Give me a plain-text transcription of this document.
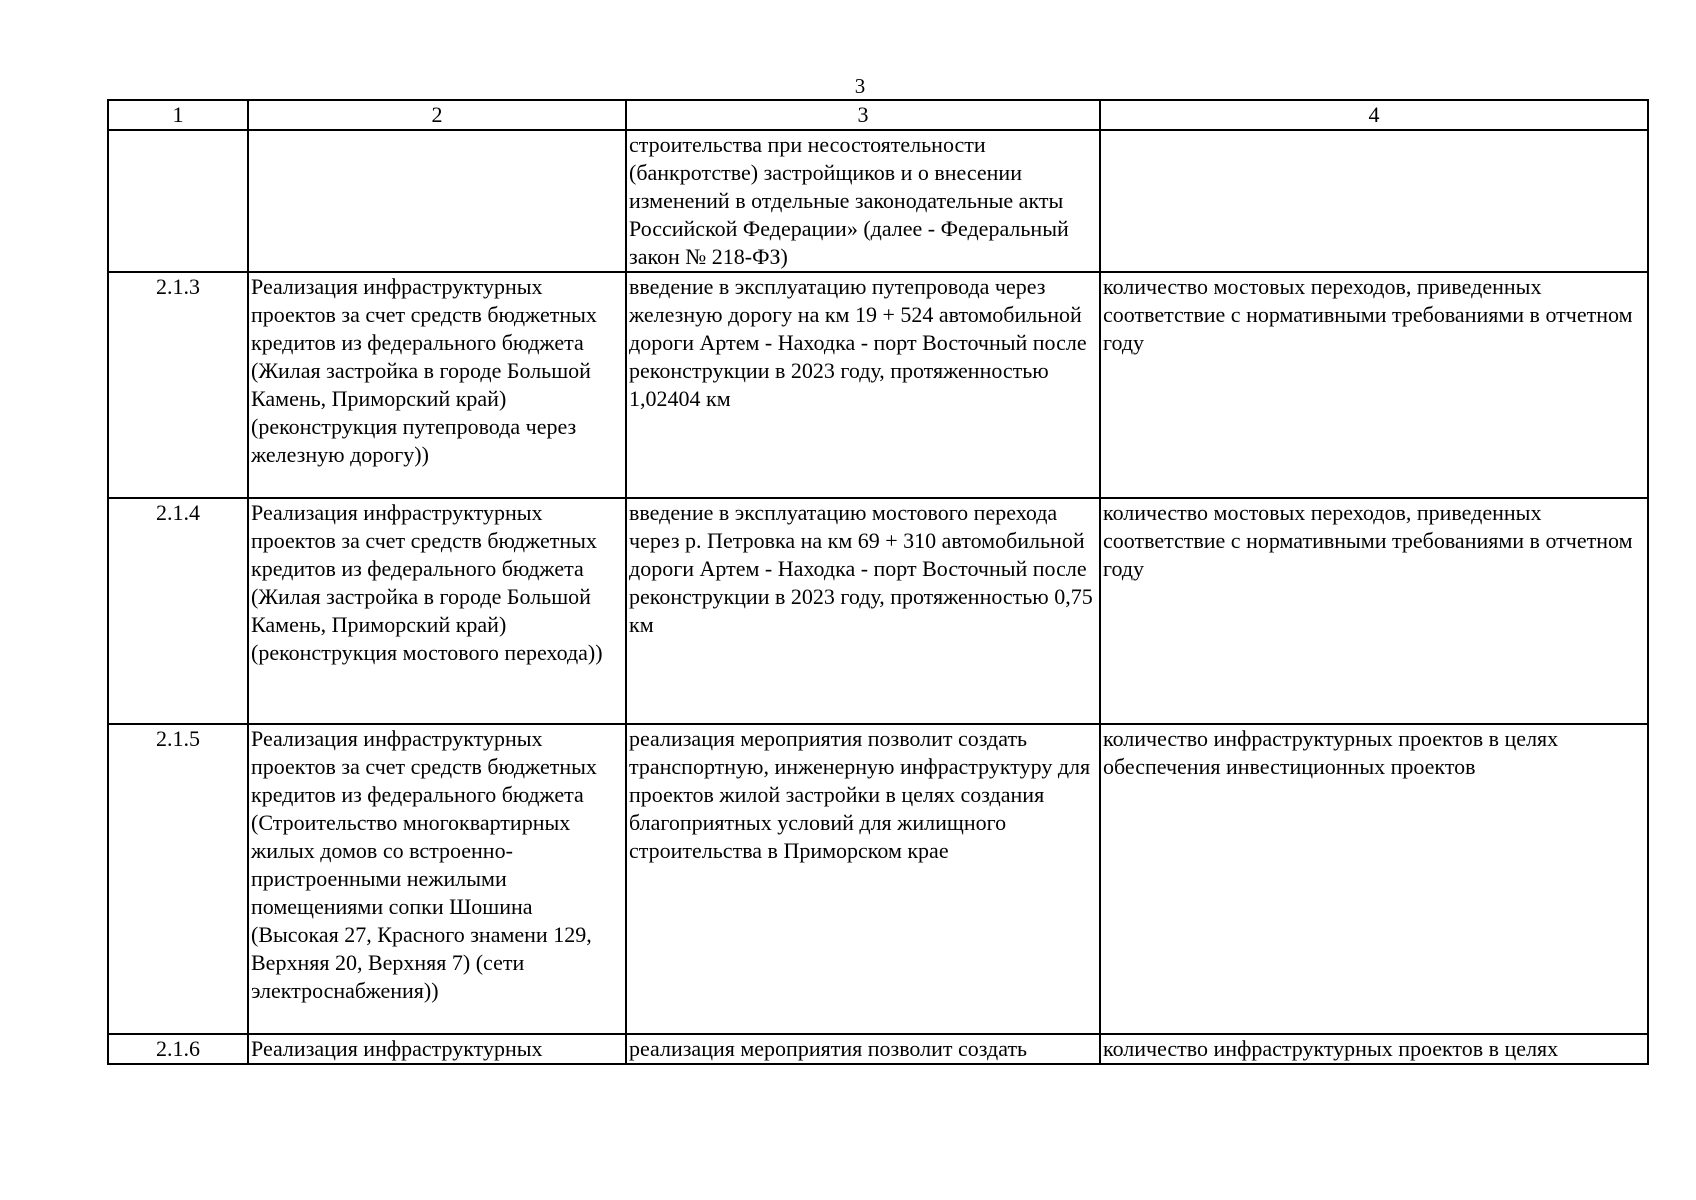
3
1	2	3	4
		строительства при несостоятельности (банкротстве) застройщиков и о внесении изменений в отдельные законодательные акты Российской Федерации» (далее - Федеральный закон № 218-ФЗ)	
2.1.3	Реализация инфраструктурных проектов за счет средств бюджетных кредитов из федерального бюджета (Жилая застройка в городе Большой Камень, Приморский край) (реконструкция путепровода через железную дорогу))	введение в эксплуатацию путепровода через железную дорогу на км 19 + 524 автомобильной дороги Артем - Находка - порт Восточный после реконструкции в 2023 году, протяженностью 1,02404 км	количество мостовых переходов, приведенных соответствие с нормативными требованиями в отчетном году
2.1.4	Реализация инфраструктурных проектов за счет средств бюджетных кредитов из федерального бюджета (Жилая застройка в городе Большой Камень, Приморский край) (реконструкция мостового перехода))	введение в эксплуатацию мостового перехода через р. Петровка на км 69 + 310 автомобильной дороги Артем - Находка - порт Восточный после реконструкции в 2023 году, протяженностью 0,75 км	количество мостовых переходов, приведенных соответствие с нормативными требованиями в отчетном году
2.1.5	Реализация инфраструктурных проектов за счет средств бюджетных кредитов из федерального бюджета (Строительство многоквартирных жилых домов со встроенно-пристроенными нежилыми помещениями сопки Шошина (Высокая 27, Красного знамени 129, Верхняя 20, Верхняя 7) (сети электроснабжения))	реализация мероприятия позволит создать транспортную, инженерную инфраструктуру для проектов жилой застройки в целях создания благоприятных условий для жилищного строительства в Приморском крае	количество инфраструктурных проектов в целях обеспечения инвестиционных проектов
2.1.6	Реализация инфраструктурных	реализация мероприятия позволит создать	количество инфраструктурных проектов в целях
